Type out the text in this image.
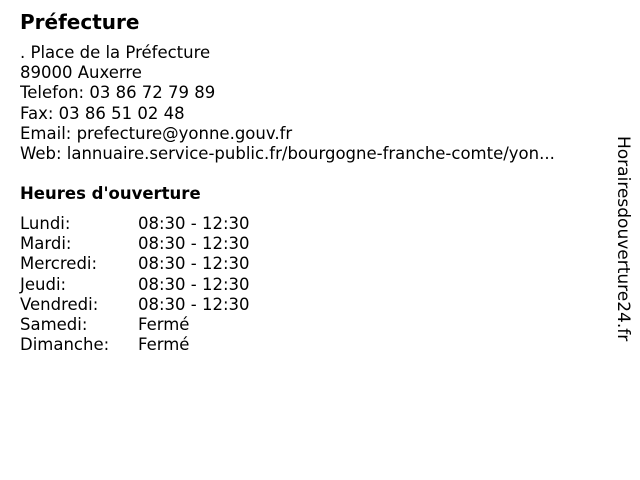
Préfecture
. Place de la Préfecture
89000 Auxerre
Telefon: 03 86 72 79 89
Fax: 03 86 51 02 48
Email: prefecture@yonne.gouv.fr
Web: lannuaire.service-public.fr/bourgogne-franche-comte/yon...
Heures d'ouverture
Lundi:	08:30 - 12:30
Mardi:	08:30 - 12:30
Mercredi: 08:30 - 12:30
Jeudi:	08:30 - 12:30
Vendredi: 08:30 - 12:30
Samedi:	Fermé
Dimanche: Fermé
Horairesdouverture24.fr
